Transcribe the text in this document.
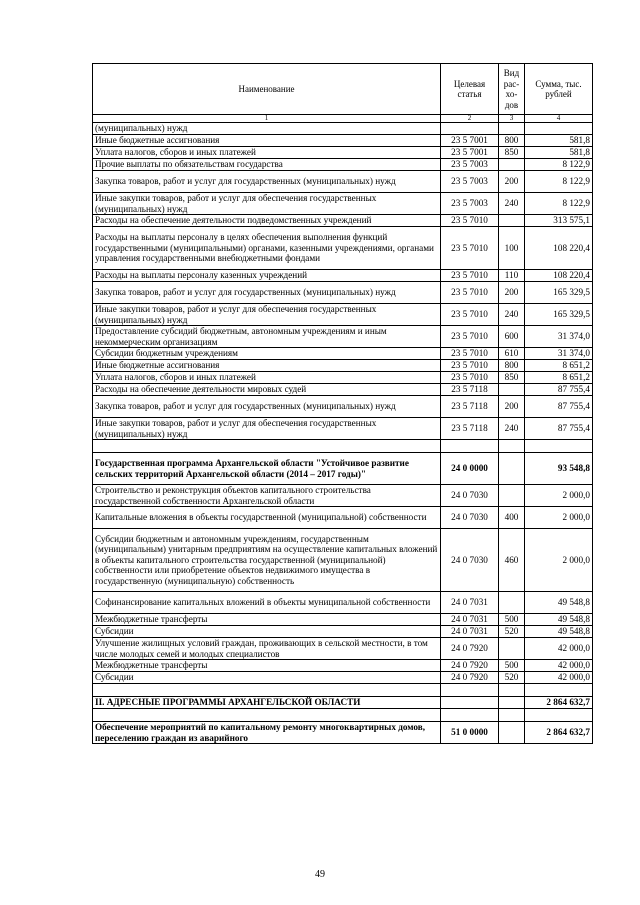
Наименование	Целевая статья	Вид рас-хо-дов	Сумма, тыс. рублей
1	2	3	4
(муниципальных) нужд			
Иные бюджетные ассигнования	23 5 7001	800	581,8
Уплата налогов, сборов и иных платежей	23 5 7001	850	581,8
Прочие выплаты по обязательствам государства	23 5 7003		8 122,9
Закупка товаров, работ и услуг для государственных (муниципальных) нужд	23 5 7003	200	8 122,9
Иные закупки товаров, работ и услуг для обеспечения государственных (муниципальных) нужд	23 5 7003	240	8 122,9
Расходы на обеспечение деятельности подведомственных учреждений	23 5 7010		313 575,1
Расходы на выплаты персоналу в целях обеспечения выполнения функций государственными (муниципальными) органами, казенными учреждениями, органами управления государственными внебюджетными фондами	23 5 7010	100	108 220,4
Расходы на выплаты персоналу казенных учреждений	23 5 7010	110	108 220,4
Закупка товаров, работ и услуг для государственных (муниципальных) нужд	23 5 7010	200	165 329,5
Иные закупки товаров, работ и услуг для обеспечения государственных (муниципальных) нужд	23 5 7010	240	165 329,5
Предоставление субсидий бюджетным, автономным учреждениям и иным некоммерческим организациям	23 5 7010	600	31 374,0
Субсидии бюджетным учреждениям	23 5 7010	610	31 374,0
Иные бюджетные ассигнования	23 5 7010	800	8 651,2
Уплата налогов, сборов и иных платежей	23 5 7010	850	8 651,2
Расходы на обеспечение деятельности мировых судей	23 5 7118		87 755,4
Закупка товаров, работ и услуг для государственных (муниципальных) нужд	23 5 7118	200	87 755,4
Иные закупки товаров, работ и услуг для обеспечения государственных (муниципальных) нужд	23 5 7118	240	87 755,4

Государственная программа Архангельской области "Устойчивое развитие сельских территорий Архангельской области (2014 – 2017 годы)"	24 0 0000		93 548,8
Строительство и реконструкция объектов капитального строительства государственной собственности Архангельской области	24 0 7030		2 000,0
Капитальные вложения в объекты государственной (муниципальной) собственности	24 0 7030	400	2 000,0
Субсидии бюджетным и автономным учреждениям, государственным (муниципальным) унитарным предприятиям на осуществление капитальных вложений в объекты капитального строительства государственной (муниципальной) собственности или приобретение объектов недвижимого имущества в государственную (муниципальную) собственность	24 0 7030	460	2 000,0
Софинансирование капитальных вложений в объекты муниципальной собственности	24 0 7031		49 548,8
Межбюджетные трансферты	24 0 7031	500	49 548,8
Субсидии	24 0 7031	520	49 548,8
Улучшение жилищных условий граждан, проживающих в сельской местности, в том числе молодых семей и молодых специалистов	24 0 7920		42 000,0
Межбюджетные трансферты	24 0 7920	500	42 000,0
Субсидии	24 0 7920	520	42 000,0

II. АДРЕСНЫЕ ПРОГРАММЫ АРХАНГЕЛЬСКОЙ ОБЛАСТИ			2 864 632,7

Обеспечение мероприятий по капитальному ремонту многоквартирных домов, переселению граждан из аварийного	51 0 0000		2 864 632,7
49
